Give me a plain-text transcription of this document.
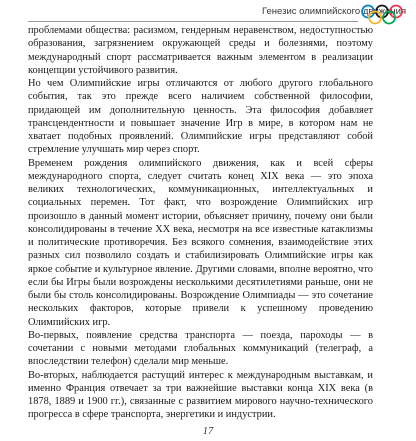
Генезис олимпийского движения

проблемами общества: расизмом, гендерным неравенством, недоступностью образования, загрязнением окружающей среды и болезнями, поэтому международный спорт рассматривается важным элементом в реализации концепции устойчивого развития.

Но чем Олимпийские игры отличаются от любого другого глобального события, так это прежде всего наличием собственной философии, придающей им дополнительную ценность. Эта философия добавляет трансцендентности и повышает значение Игр в мире, в котором нам не хватает подобных проявлений. Олимпийские игры представляют собой стремление улучшать мир через спорт.

Временем рождения олимпийского движения, как и всей сферы международного спорта, следует считать конец XIX века — это эпоха великих технологических, коммуникационных, интеллектуальных и социальных перемен. Тот факт, что возрождение Олимпийских игр произошло в данный момент истории, объясняет причину, почему они были консолидированы в течение XX века, несмотря на все известные катаклизмы и политические противоречия. Без всякого сомнения, взаимодействие этих разных сил позволило создать и стабилизировать Олимпийские игры как яркое событие и культурное явление. Другими словами, вполне вероятно, что если бы Игры были возрождены несколькими десятилетиями раньше, они не были бы столь консолидированы. Возрождение Олимпиады — это сочетание нескольких факторов, которые привели к успешному проведению Олимпийских игр.

Во-первых, появление средства транспорта — поезда, пароходы — в сочетании с новыми методами глобальных коммуникаций (телеграф, а впоследствии телефон) сделали мир меньше.

Во-вторых, наблюдается растущий интерес к международным выставкам, и именно Франция отвечает за три важнейшие выставки конца XIX века (в 1878, 1889 и 1900 гг.), связанные с развитием мирового научно-технического прогресса в сфере транспорта, энергетики и индустрии.

17
